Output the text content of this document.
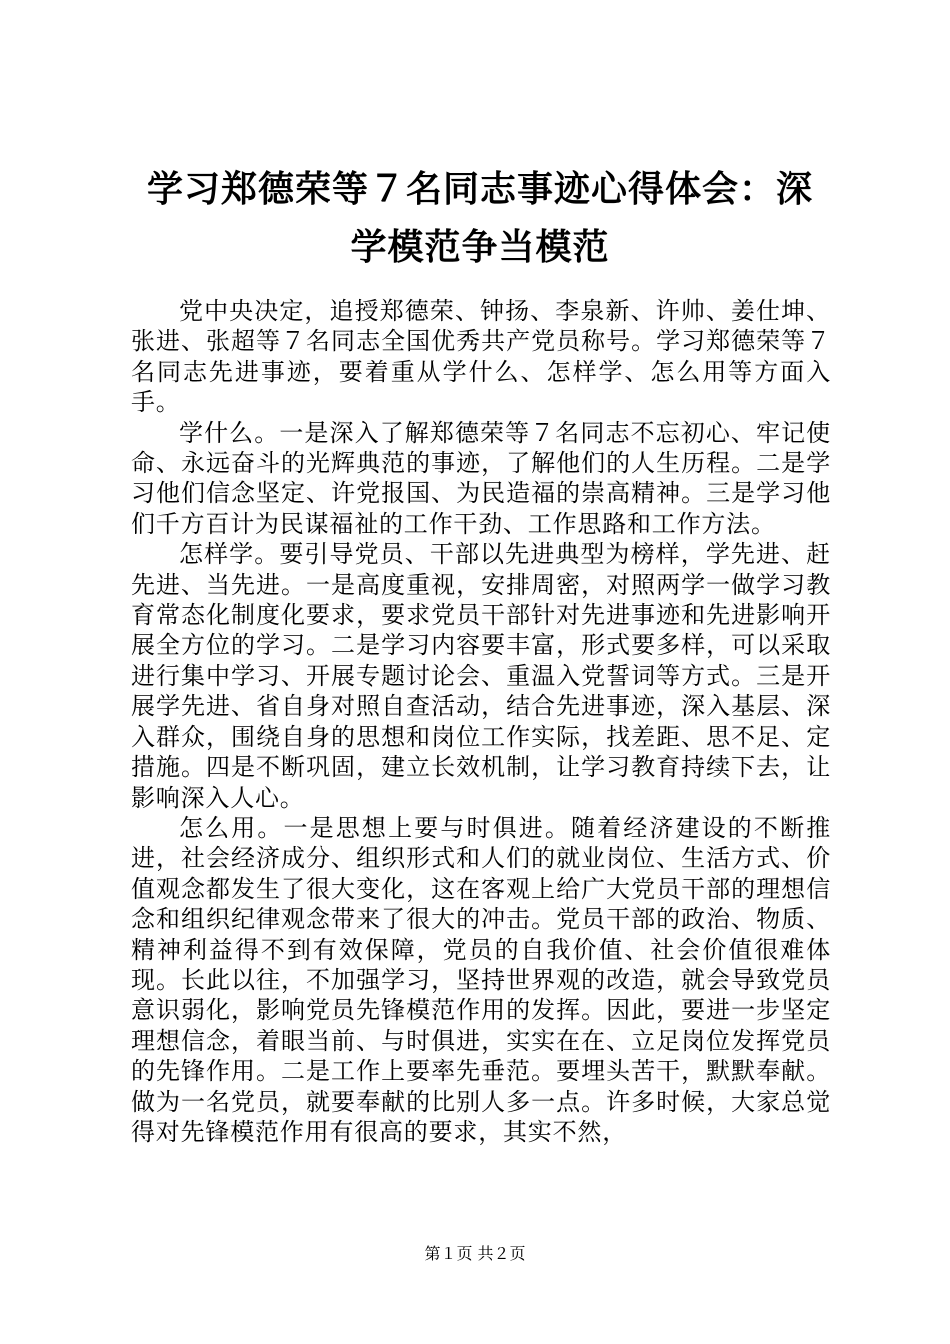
学习郑德荣等７名同志事迹心得体会：深学模范争当模范

党中央决定，追授郑德荣、钟扬、李泉新、许帅、姜仕坤、张进、张超等７名同志全国优秀共产党员称号。学习郑德荣等７名同志先进事迹，要着重从学什么、怎样学、怎么用等方面入手。

学什么。一是深入了解郑德荣等７名同志不忘初心、牢记使命、永远奋斗的光辉典范的事迹，了解他们的人生历程。二是学习他们信念坚定、许党报国、为民造福的崇高精神。三是学习他们千方百计为民谋福祉的工作干劲、工作思路和工作方法。

怎样学。要引导党员、干部以先进典型为榜样，学先进、赶先进、当先进。一是高度重视，安排周密，对照两学一做学习教育常态化制度化要求，要求党员干部针对先进事迹和先进影响开展全方位的学习。二是学习内容要丰富，形式要多样，可以采取进行集中学习、开展专题讨论会、重温入党誓词等方式。三是开展学先进、省自身对照自查活动，结合先进事迹，深入基层、深入群众，围绕自身的思想和岗位工作实际，找差距、思不足、定措施。四是不断巩固，建立长效机制，让学习教育持续下去，让影响深入人心。

怎么用。一是思想上要与时俱进。随着经济建设的不断推进，社会经济成分、组织形式和人们的就业岗位、生活方式、价值观念都发生了很大变化，这在客观上给广大党员干部的理想信念和组织纪律观念带来了很大的冲击。党员干部的政治、物质、精神利益得不到有效保障，党员的自我价值、社会价值很难体现。长此以往，不加强学习，坚持世界观的改造，就会导致党员意识弱化，影响党员先锋模范作用的发挥。因此，要进一步坚定理想信念，着眼当前、与时俱进，实实在在、立足岗位发挥党员的先锋作用。二是工作上要率先垂范。要埋头苦干，默默奉献。做为一名党员，就要奉献的比别人多一点。许多时候，大家总觉得对先锋模范作用有很高的要求，其实不然，

第１页 共２页
